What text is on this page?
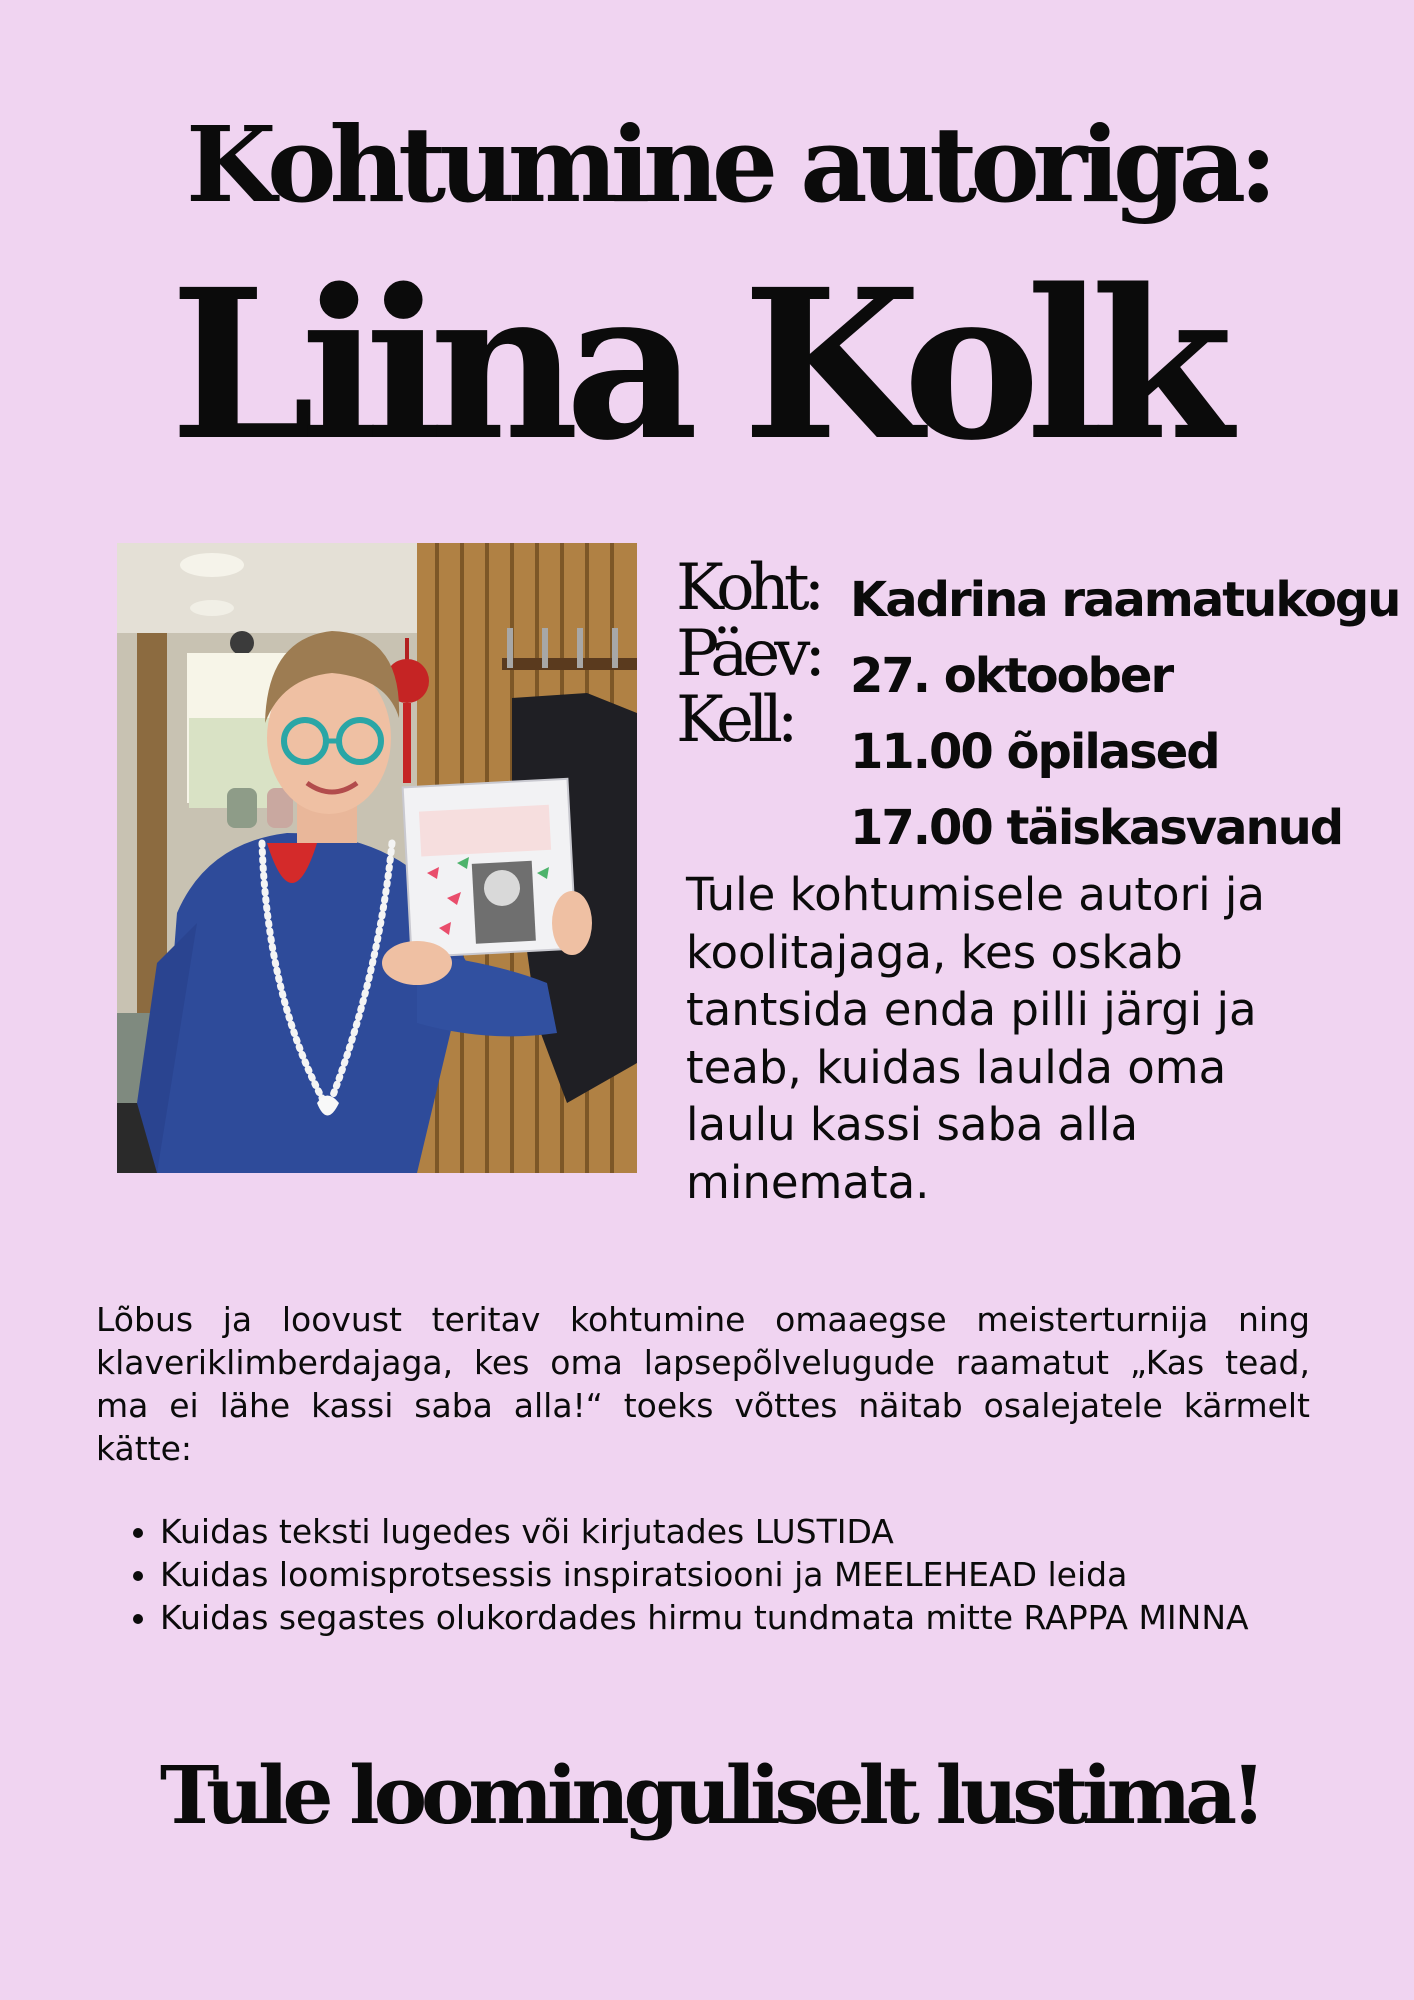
Kohtumine autoriga:
Liina Kolk
Koht:
Päev:
Kell:
Kadrina raamatukogu
27. oktoober
11.00 õpilased
17.00 täiskasvanud
Tule kohtumisele autori ja
koolitajaga, kes oskab
tantsida enda pilli järgi ja
teab, kuidas laulda oma
laulu kassi saba alla
minemata.
Lõbus ja loovust teritav kohtumine omaaegse meisterturnija ning klaveriklimberdajaga, kes oma lapsepõlvelugude raamatut „Kas tead, ma ei lähe kassi saba alla!“ toeks võttes näitab osalejatele kärmelt kätte:
• Kuidas teksti lugedes või kirjutades LUSTIDA
• Kuidas loomisprotsessis inspiratsiooni ja MEELEHEAD leida
• Kuidas segastes olukordades hirmu tundmata mitte RAPPA MINNA
Tule loominguliselt lustima!
